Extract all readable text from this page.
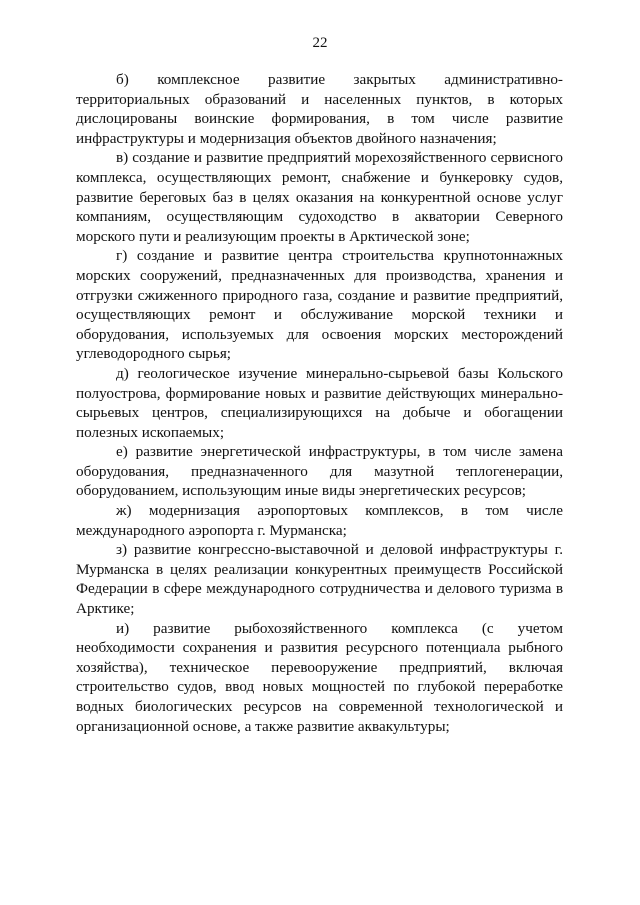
22

б) комплексное развитие закрытых административно-территориальных образований и населенных пунктов, в которых дислоцированы воинские формирования, в том числе развитие инфраструктуры и модернизация объектов двойного назначения;

в) создание и развитие предприятий морехозяйственного сервисного комплекса, осуществляющих ремонт, снабжение и бункеровку судов, развитие береговых баз в целях оказания на конкурентной основе услуг компаниям, осуществляющим судоходство в акватории Северного морского пути и реализующим проекты в Арктической зоне;

г) создание и развитие центра строительства крупнотоннажных морских сооружений, предназначенных для производства, хранения и отгрузки сжиженного природного газа, создание и развитие предприятий, осуществляющих ремонт и обслуживание морской техники и оборудования, используемых для освоения морских месторождений углеводородного сырья;

д) геологическое изучение минерально-сырьевой базы Кольского полуострова, формирование новых и развитие действующих минерально-сырьевых центров, специализирующихся на добыче и обогащении полезных ископаемых;

е) развитие энергетической инфраструктуры, в том числе замена оборудования, предназначенного для мазутной теплогенерации, оборудованием, использующим иные виды энергетических ресурсов;

ж) модернизация аэропортовых комплексов, в том числе международного аэропорта г. Мурманска;

з) развитие конгрессно-выставочной и деловой инфраструктуры г. Мурманска в целях реализации конкурентных преимуществ Российской Федерации в сфере международного сотрудничества и делового туризма в Арктике;

и) развитие рыбохозяйственного комплекса (с учетом необходимости сохранения и развития ресурсного потенциала рыбного хозяйства), техническое перевооружение предприятий, включая строительство судов, ввод новых мощностей по глубокой переработке водных биологических ресурсов на современной технологической и организационной основе, а также развитие аквакультуры;
